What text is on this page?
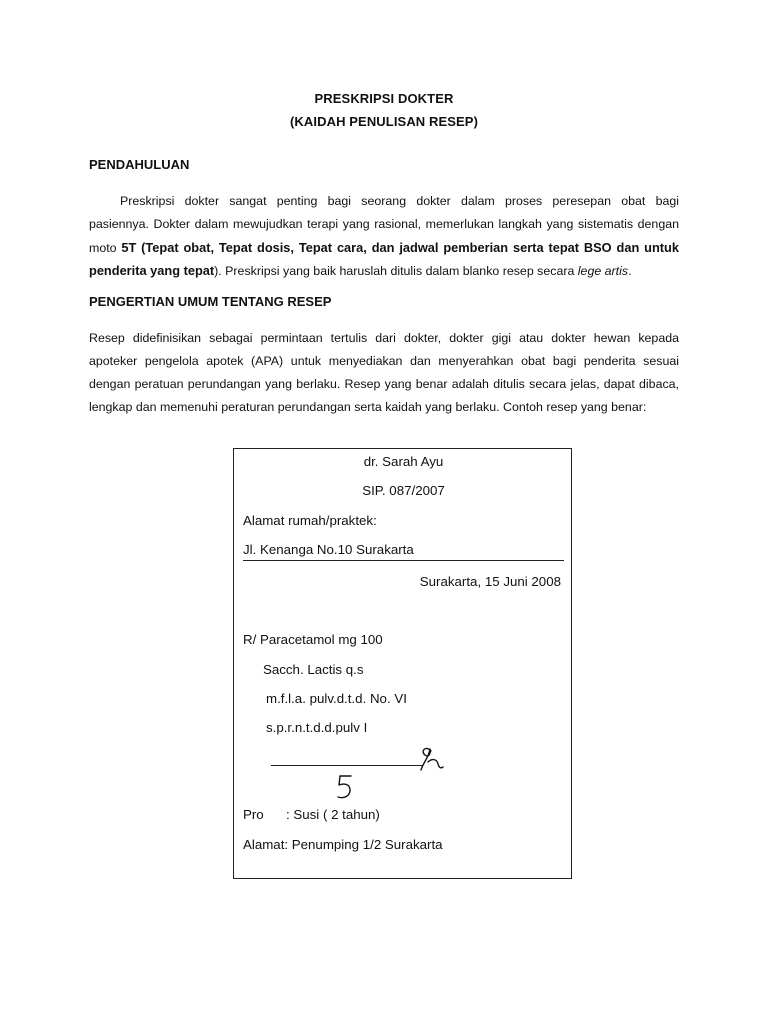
PRESKRIPSI DOKTER
(KAIDAH PENULISAN RESEP)
PENDAHULUAN
Preskripsi dokter sangat penting bagi seorang dokter dalam proses peresepan obat bagi
pasiennya. Dokter dalam mewujudkan terapi yang rasional, memerlukan langkah yang sistematis dengan
moto 5T (Tepat obat, Tepat dosis, Tepat cara, dan jadwal pemberian serta tepat BSO dan untuk
penderita yang tepat). Preskripsi yang baik haruslah ditulis dalam blanko resep secara lege artis.
PENGERTIAN UMUM TENTANG RESEP
Resep didefinisikan sebagai permintaan tertulis dari dokter, dokter gigi atau dokter hewan kepada
apoteker pengelola apotek (APA) untuk menyediakan dan menyerahkan obat bagi penderita sesuai
dengan peratuan perundangan yang berlaku. Resep yang benar adalah ditulis secara jelas, dapat dibaca,
lengkap dan memenuhi peraturan perundangan serta kaidah yang berlaku. Contoh resep yang benar:
dr. Sarah Ayu
SIP. 087/2007
Alamat rumah/praktek:
Jl. Kenanga No.10 Surakarta
Surakarta, 15 Juni 2008
R/ Paracetamol mg 100
Sacch. Lactis q.s
m.f.l.a. pulv.d.t.d. No. VI
s.p.r.n.t.d.d.pulv I
Pro : Susi ( 2 tahun)
Alamat: Penumping 1/2 Surakarta
